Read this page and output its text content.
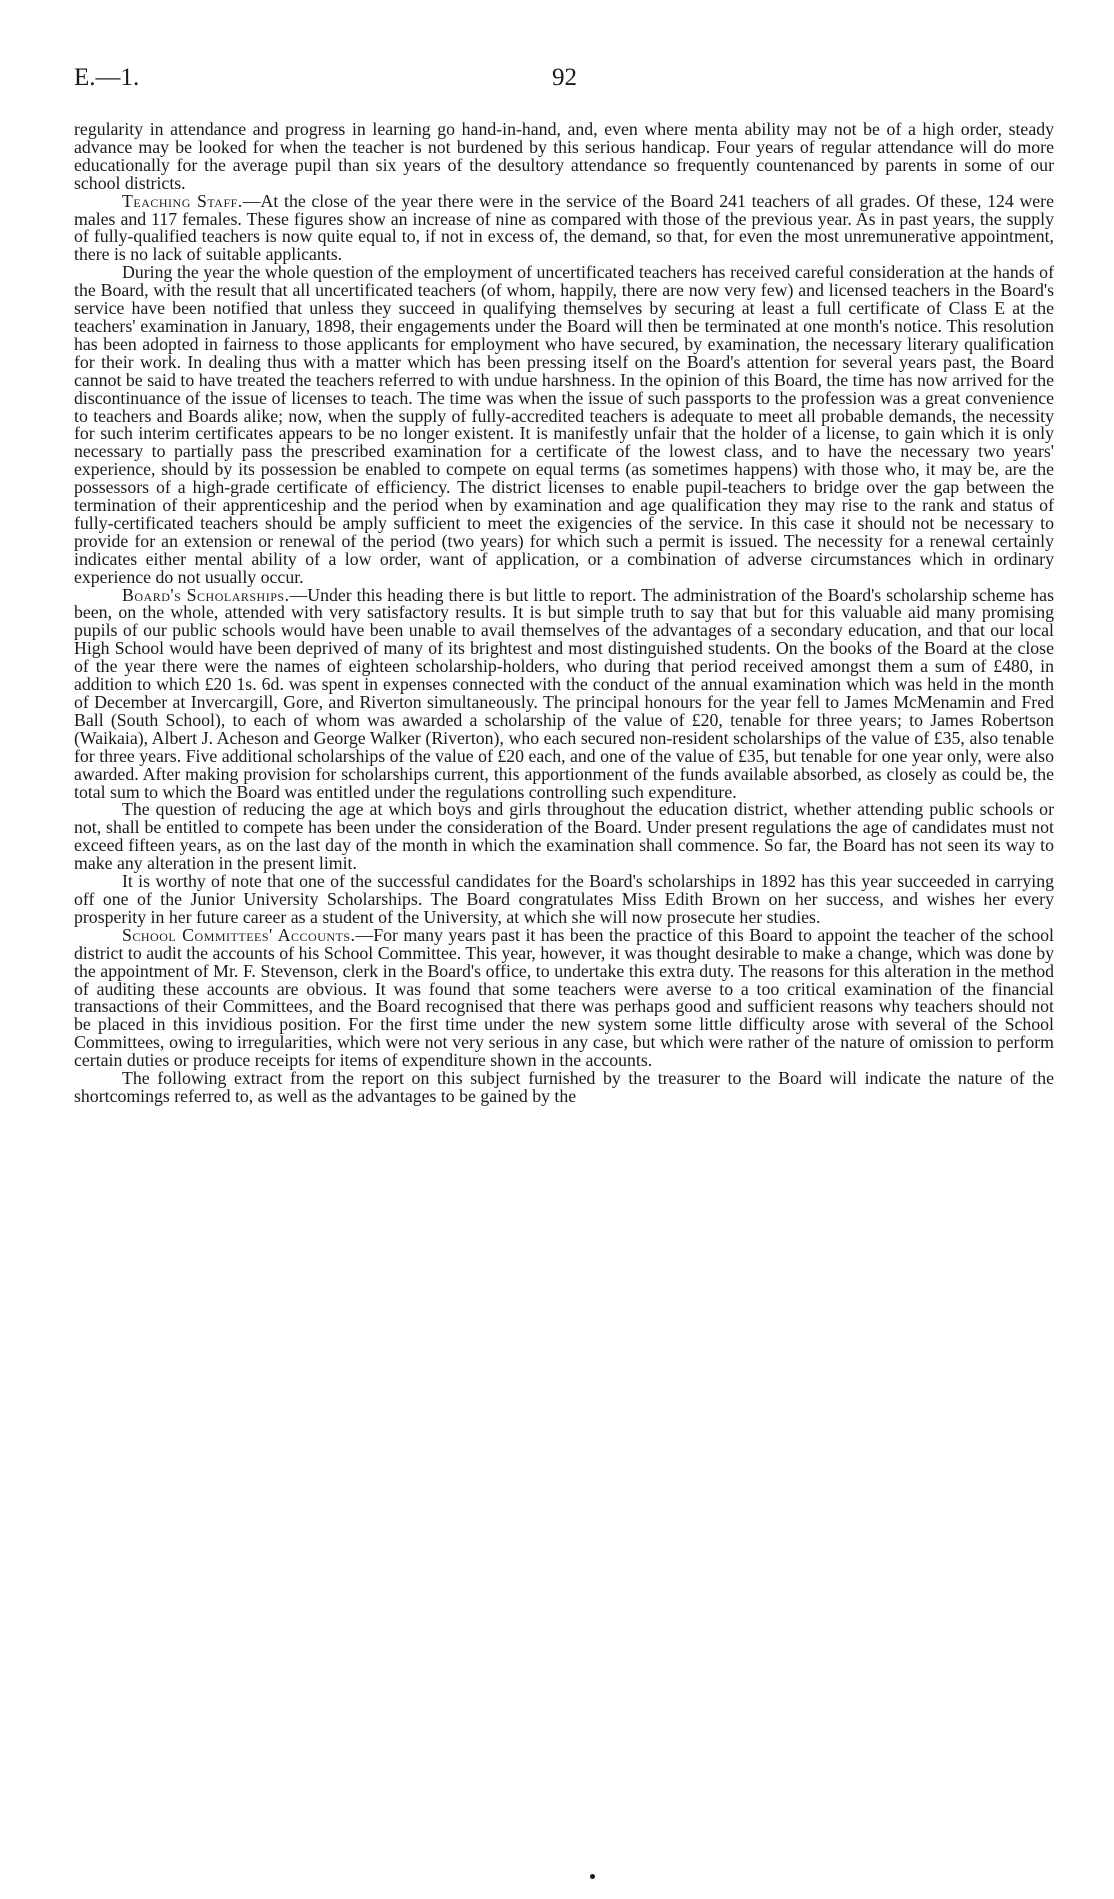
E.—1.	92

regularity in attendance and progress in learning go hand-in-hand, and, even where menta ability may not be of a high order, steady advance may be looked for when the teacher is not burdened by this serious handicap. Four years of regular attendance will do more educationally for the average pupil than six years of the desultory attendance so frequently countenanced by parents in some of our school districts.

Teaching Staff.—At the close of the year there were in the service of the Board 241 teachers of all grades. Of these, 124 were males and 117 females. These figures show an increase of nine as compared with those of the previous year. As in past years, the supply of fully-qualified teachers is now quite equal to, if not in excess of, the demand, so that, for even the most unremunerative appointment, there is no lack of suitable applicants.

During the year the whole question of the employment of uncertificated teachers has received careful consideration at the hands of the Board, with the result that all uncertificated teachers (of whom, happily, there are now very few) and licensed teachers in the Board's service have been notified that unless they succeed in qualifying themselves by securing at least a full certificate of Class E at the teachers' examination in January, 1898, their engagements under the Board will then be terminated at one month's notice. This resolution has been adopted in fairness to those applicants for employment who have secured, by examination, the necessary literary qualification for their work. In dealing thus with a matter which has been pressing itself on the Board's attention for several years past, the Board cannot be said to have treated the teachers referred to with undue harshness. In the opinion of this Board, the time has now arrived for the discontinuance of the issue of licenses to teach. The time was when the issue of such passports to the profession was a great convenience to teachers and Boards alike; now, when the supply of fully-accredited teachers is adequate to meet all probable demands, the necessity for such interim certificates appears to be no longer existent. It is manifestly unfair that the holder of a license, to gain which it is only necessary to partially pass the prescribed examination for a certificate of the lowest class, and to have the necessary two years' experience, should by its possession be enabled to compete on equal terms (as sometimes happens) with those who, it may be, are the possessors of a high-grade certificate of efficiency. The district licenses to enable pupil-teachers to bridge over the gap between the termination of their apprenticeship and the period when by examination and age qualification they may rise to the rank and status of fully-certificated teachers should be amply sufficient to meet the exigencies of the service. In this case it should not be necessary to provide for an extension or renewal of the period (two years) for which such a permit is issued. The necessity for a renewal certainly indicates either mental ability of a low order, want of application, or a combination of adverse circumstances which in ordinary experience do not usually occur.

Board's Scholarships.—Under this heading there is but little to report. The administration of the Board's scholarship scheme has been, on the whole, attended with very satisfactory results. It is but simple truth to say that but for this valuable aid many promising pupils of our public schools would have been unable to avail themselves of the advantages of a secondary education, and that our local High School would have been deprived of many of its brightest and most distinguished students. On the books of the Board at the close of the year there were the names of eighteen scholarship-holders, who during that period received amongst them a sum of £480, in addition to which £20 1s. 6d. was spent in expenses connected with the conduct of the annual examination which was held in the month of December at Invercargill, Gore, and Riverton simultaneously. The principal honours for the year fell to James McMenamin and Fred Ball (South School), to each of whom was awarded a scholarship of the value of £20, tenable for three years; to James Robertson (Waikaia), Albert J. Acheson and George Walker (Riverton), who each secured non-resident scholarships of the value of £35, also tenable for three years. Five additional scholarships of the value of £20 each, and one of the value of £35, but tenable for one year only, were also awarded. After making provision for scholarships current, this apportionment of the funds available absorbed, as closely as could be, the total sum to which the Board was entitled under the regulations controlling such expenditure.

The question of reducing the age at which boys and girls throughout the education district, whether attending public schools or not, shall be entitled to compete has been under the consideration of the Board. Under present regulations the age of candidates must not exceed fifteen years, as on the last day of the month in which the examination shall commence. So far, the Board has not seen its way to make any alteration in the present limit.

It is worthy of note that one of the successful candidates for the Board's scholarships in 1892 has this year succeeded in carrying off one of the Junior University Scholarships. The Board congratulates Miss Edith Brown on her success, and wishes her every prosperity in her future career as a student of the University, at which she will now prosecute her studies.

School Committees' Accounts.—For many years past it has been the practice of this Board to appoint the teacher of the school district to audit the accounts of his School Committee. This year, however, it was thought desirable to make a change, which was done by the appointment of Mr. F. Stevenson, clerk in the Board's office, to undertake this extra duty. The reasons for this alteration in the method of auditing these accounts are obvious. It was found that some teachers were averse to a too critical examination of the financial transactions of their Committees, and the Board recognised that there was perhaps good and sufficient reasons why teachers should not be placed in this invidious position. For the first time under the new system some little difficulty arose with several of the School Committees, owing to irregularities, which were not very serious in any case, but which were rather of the nature of omission to perform certain duties or produce receipts for items of expenditure shown in the accounts.

The following extract from the report on this subject furnished by the treasurer to the Board will indicate the nature of the shortcomings referred to, as well as the advantages to be gained by the
